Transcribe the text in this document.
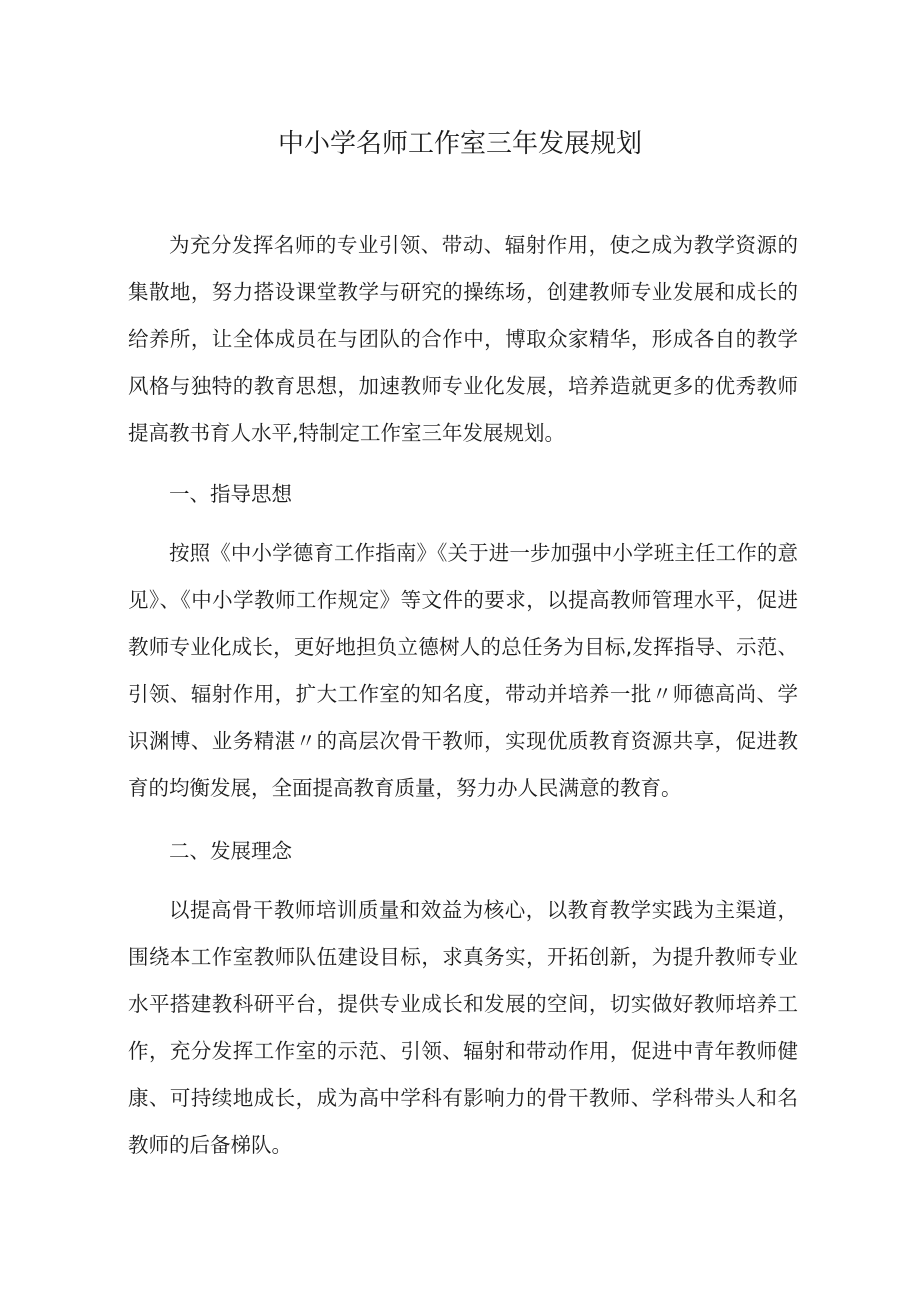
中小学名师工作室三年发展规划

为充分发挥名师的专业引领、带动、辐射作用，使之成为教学资源的集散地，努力搭设课堂教学与研究的操练场，创建教师专业发展和成长的给养所，让全体成员在与团队的合作中，博取众家精华，形成各自的教学风格与独特的教育思想，加速教师专业化发展，培养造就更多的优秀教师提高教书育人水平,特制定工作室三年发展规划。

一、指导思想

按照《中小学德育工作指南》《关于进一步加强中小学班主任工作的意见》、《中小学教师工作规定》等文件的要求，以提高教师管理水平，促进教师专业化成长，更好地担负立德树人的总任务为目标,发挥指导、示范、引领、辐射作用，扩大工作室的知名度，带动并培养一批〃师德高尚、学识渊博、业务精湛〃的高层次骨干教师，实现优质教育资源共享，促进教育的均衡发展，全面提高教育质量，努力办人民满意的教育。

二、发展理念

以提高骨干教师培训质量和效益为核心，以教育教学实践为主渠道，围绕本工作室教师队伍建设目标，求真务实，开拓创新，为提升教师专业水平搭建教科研平台，提供专业成长和发展的空间，切实做好教师培养工作，充分发挥工作室的示范、引领、辐射和带动作用，促进中青年教师健康、可持续地成长，成为高中学科有影响力的骨干教师、学科带头人和名教师的后备梯队。
